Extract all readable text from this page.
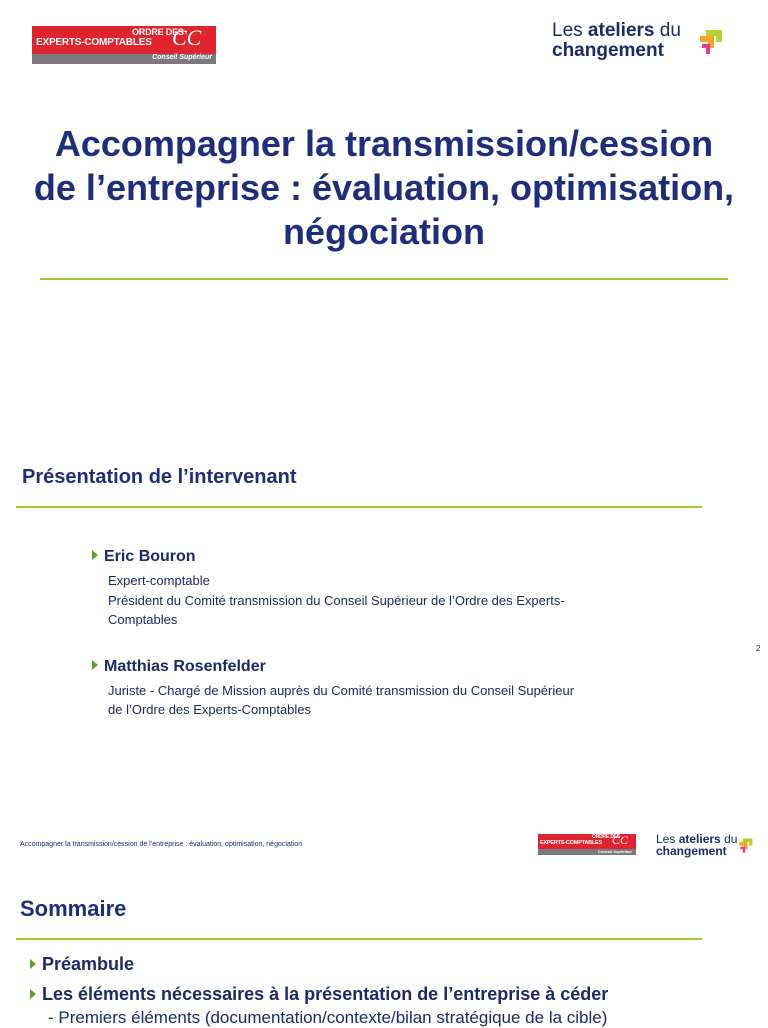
ORDRE DES
EXPERTS-COMPTABLES CC
Conseil Supérieur
Les ateliers du
changement
Accompagner la transmission/cession de l’entreprise : évaluation, optimisation, négociation
Présentation de l’intervenant
Eric Bouron
Expert-comptable
Président du Comité transmission du Conseil Supérieur de l’Ordre des Experts-Comptables
Matthias Rosenfelder
Juriste - Chargé de Mission auprès du Comité transmission du Conseil Supérieur de l’Ordre des Experts-Comptables
2
Accompagner la transmission/cession de l’entreprise : évaluation, optimisation, négociation
ORDRE DES
EXPERTS-COMPTABLES CC
Conseil Supérieur
Les ateliers du
changement
Sommaire
Préambule
Les éléments nécessaires à la présentation de l’entreprise à céder
- Premiers éléments (documentation/contexte/bilan stratégique de la cible)
